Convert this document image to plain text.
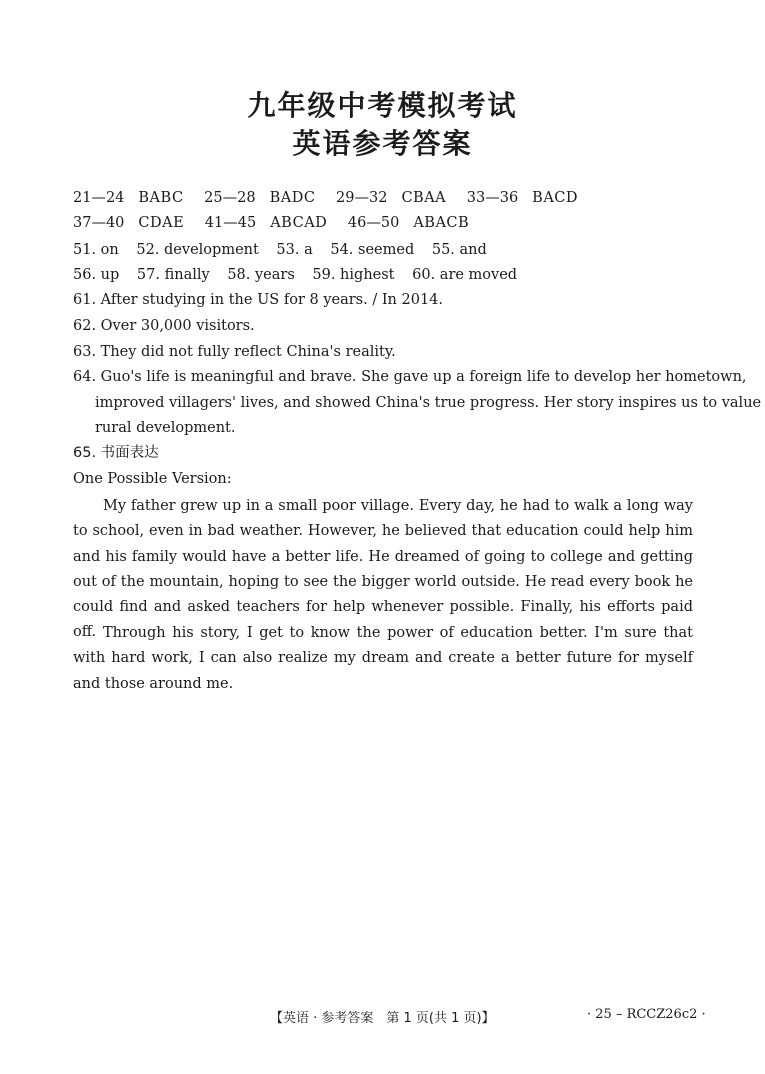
九年级中考模拟考试
英语参考答案
21—24 BABC 25—28 BADC 29—32 CBAA 33—36 BACD
37—40 CDAE 41—45 ABCAD 46—50 ABACB
51. on 52. development 53. a 54. seemed 55. and
56. up 57. finally 58. years 59. highest 60. are moved
61. After studying in the US for 8 years. / In 2014.
62. Over 30,000 visitors.
63. They did not fully reflect China's reality.
64. Guo's life is meaningful and brave. She gave up a foreign life to develop her hometown,
improved villagers' lives, and showed China's true progress. Her story inspires us to value
rural development.
65. 书面表达
One Possible Version:
My father grew up in a small poor village. Every day, he had to walk a long way to school, even in bad weather. However, he believed that education could help him and his family would have a better life. He dreamed of going to college and getting out of the mountain, hoping to see the bigger world outside. He read every book he could find and asked teachers for help whenever possible. Finally, his efforts paid off. Through his story, I get to know the power of education better. I'm sure that with hard work, I can also realize my dream and create a better future for myself and those around me.
【英语 · 参考答案　第 1 页(共 1 页)】	· 25 – RCCZ26c2 ·
